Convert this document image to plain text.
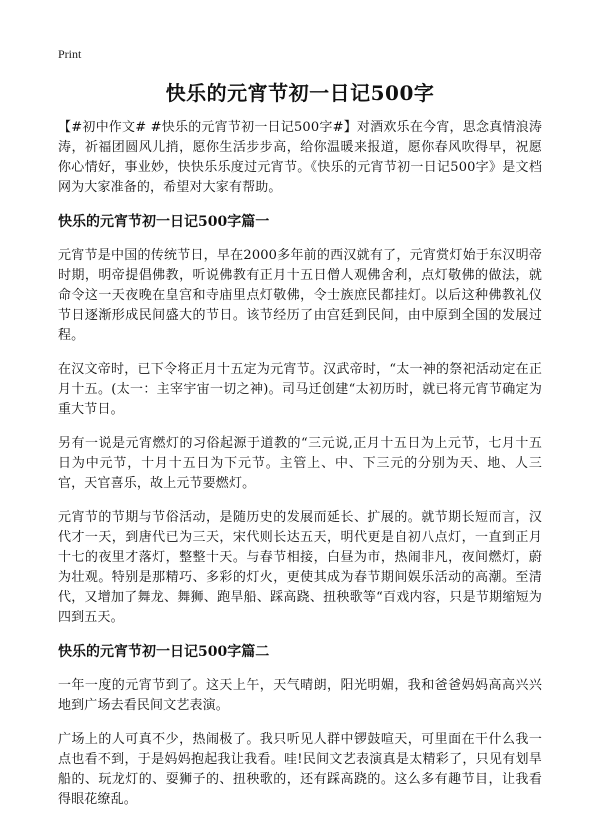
Print
快乐的元宵节初一日记500字

【#初中作文# #快乐的元宵节初一日记500字#】对酒欢乐在今宵，思念真情浪涛涛，祈福团圆风儿捎，愿你生活步步高，给你温暖来报道，愿你春风吹得早，祝愿你心情好，事业妙，快快乐乐度过元宵节。《快乐的元宵节初一日记500字》是文档网为大家准备的，希望对大家有帮助。

快乐的元宵节初一日记500字篇一

元宵节是中国的传统节日，早在2000多年前的西汉就有了，元宵赏灯始于东汉明帝时期，明帝提倡佛教，听说佛教有正月十五日僧人观佛舍利，点灯敬佛的做法，就命令这一天夜晚在皇宫和寺庙里点灯敬佛，令士族庶民都挂灯。以后这种佛教礼仪节日逐渐形成民间盛大的节日。该节经历了由宫廷到民间，由中原到全国的发展过程。

在汉文帝时，已下令将正月十五定为元宵节。汉武帝时，“太一神的祭祀活动定在正月十五。(太一：主宰宇宙一切之神)。司马迁创建“太初历时，就已将元宵节确定为重大节日。

另有一说是元宵燃灯的习俗起源于道教的“三元说,正月十五日为上元节，七月十五日为中元节，十月十五日为下元节。主管上、中、下三元的分别为天、地、人三官，天官喜乐，故上元节要燃灯。

元宵节的节期与节俗活动，是随历史的发展而延长、扩展的。就节期长短而言，汉代才一天，到唐代已为三天，宋代则长达五天，明代更是自初八点灯，一直到正月十七的夜里才落灯，整整十天。与春节相接，白昼为市，热闹非凡，夜间燃灯，蔚为壮观。特别是那精巧、多彩的灯火，更使其成为春节期间娱乐活动的高潮。至清代，又增加了舞龙、舞狮、跑旱船、踩高跷、扭秧歌等“百戏内容，只是节期缩短为四到五天。

快乐的元宵节初一日记500字篇二

一年一度的元宵节到了。这天上午，天气晴朗，阳光明媚，我和爸爸妈妈高高兴兴地到广场去看民间文艺表演。

广场上的人可真不少，热闹极了。我只听见人群中锣鼓喧天，可里面在干什么我一点也看不到，于是妈妈抱起我让我看。哇!民间文艺表演真是太精彩了，只见有划旱船的、玩龙灯的、耍狮子的、扭秧歌的，还有踩高跷的。这么多有趣节目，让我看得眼花缭乱。
